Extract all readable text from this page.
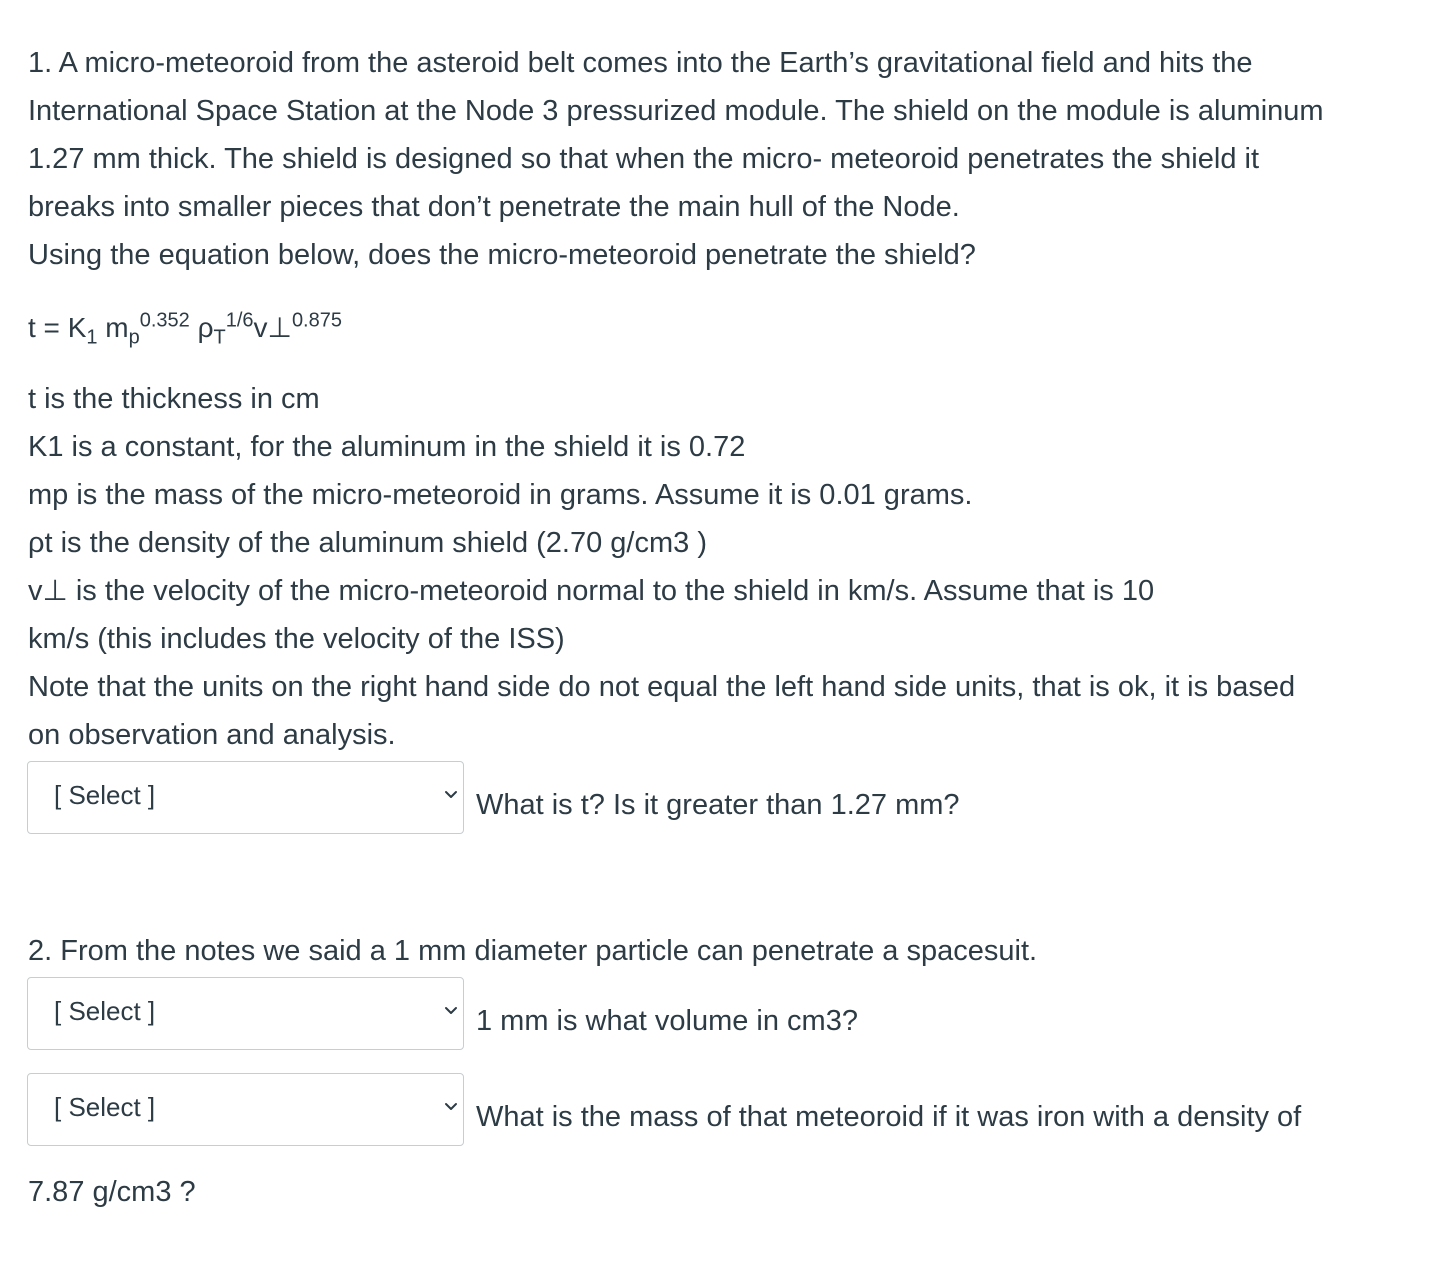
1. A micro-meteoroid from the asteroid belt comes into the Earth’s gravitational field and hits the
International Space Station at the Node 3 pressurized module. The shield on the module is aluminum
1.27 mm thick. The shield is designed so that when the micro- meteoroid penetrates the shield it
breaks into smaller pieces that don’t penetrate the main hull of the Node.
Using the equation below, does the micro-meteoroid penetrate the shield?
$t = K_1$ $m_p^{0.352}$ $\rho_T^{1/6}v\perp^{0.875}$
t is the thickness in cm
K1 is a constant, for the aluminum in the shield it is 0.72
mp is the mass of the micro-meteoroid in grams. Assume it is 0.01 grams.
ρt is the density of the aluminum shield (2.70 g/cm3 )
v⊥ is the velocity of the micro-meteoroid normal to the shield in km/s. Assume that is 10
km/s (this includes the velocity of the ISS)
Note that the units on the right hand side do not equal the left hand side units, that is ok, it is based
on observation and analysis.
[ Select ]	What is t? Is it greater than 1.27 mm?
2. From the notes we said a 1 mm diameter particle can penetrate a spacesuit.
[ Select ]	1 mm is what volume in cm3?
[ Select ]	What is the mass of that meteoroid if it was iron with a density of
7.87 g/cm3 ?
